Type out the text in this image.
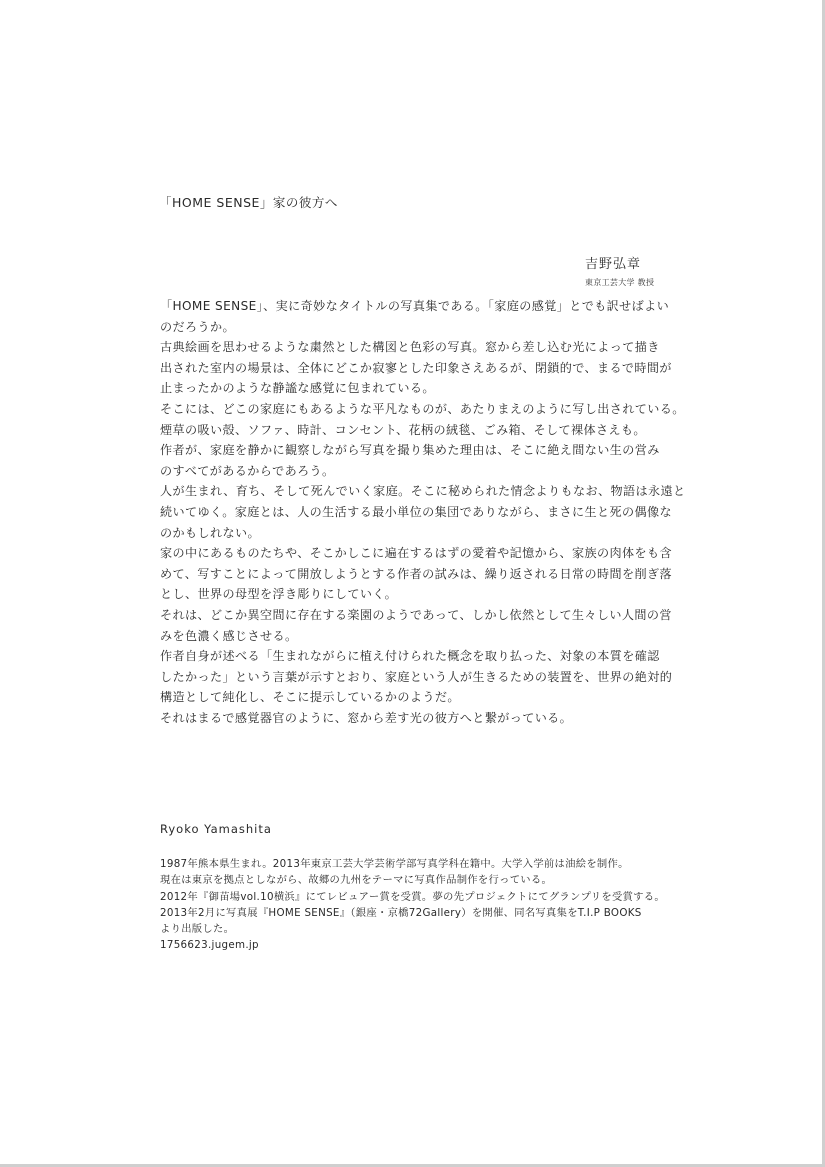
「HOME SENSE」家の彼方へ
吉野弘章
東京工芸大学 教授
「HOME SENSE」、実に奇妙なタイトルの写真集である。「家庭の感覚」とでも訳せばよい
のだろうか。
古典絵画を思わせるような粛然とした構図と色彩の写真。窓から差し込む光によって描き
出された室内の場景は、全体にどこか寂寥とした印象さえあるが、閉鎖的で、まるで時間が
止まったかのような静謐な感覚に包まれている。
そこには、どこの家庭にもあるような平凡なものが、あたりまえのように写し出されている。
煙草の吸い殻、ソファ、時計、コンセント、花柄の絨毯、ごみ箱、そして裸体さえも。
作者が、家庭を静かに観察しながら写真を撮り集めた理由は、そこに絶え間ない生の営み
のすべてがあるからであろう。
人が生まれ、育ち、そして死んでいく家庭。そこに秘められた情念よりもなお、物語は永遠と
続いてゆく。家庭とは、人の生活する最小単位の集団でありながら、まさに生と死の偶像な
のかもしれない。
家の中にあるものたちや、そこかしこに遍在するはずの愛着や記憶から、家族の肉体をも含
めて、写すことによって開放しようとする作者の試みは、繰り返される日常の時間を削ぎ落
とし、世界の母型を浮き彫りにしていく。
それは、どこか異空間に存在する楽園のようであって、しかし依然として生々しい人間の営
みを色濃く感じさせる。
作者自身が述べる「生まれながらに植え付けられた概念を取り払った、対象の本質を確認
したかった」という言葉が示すとおり、家庭という人が生きるための装置を、世界の絶対的
構造として純化し、そこに提示しているかのようだ。
それはまるで感覚器官のように、窓から差す光の彼方へと繋がっている。
Ryoko Yamashita
1987年熊本県生まれ。2013年東京工芸大学芸術学部写真学科在籍中。大学入学前は油絵を制作。
現在は東京を拠点としながら、故郷の九州をテーマに写真作品制作を行っている。
2012年『御苗場vol.10横浜』にてレビュアー賞を受賞。夢の先プロジェクトにてグランプリを受賞する。
2013年2月に写真展『HOME SENSE』（銀座・京橋72Gallery）を開催、同名写真集をT.I.P BOOKS
より出版した。
1756623.jugem.jp
